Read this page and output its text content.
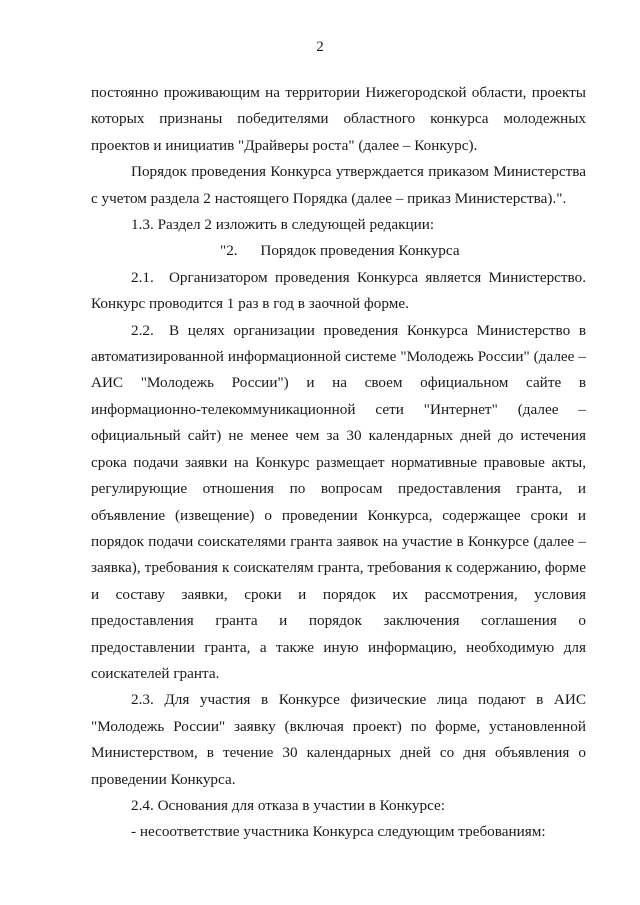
2

постоянно проживающим на территории Нижегородской области, проекты которых признаны победителями областного конкурса молодежных проектов и инициатив "Драйверы роста" (далее – Конкурс).

Порядок проведения Конкурса утверждается приказом Министерства с учетом раздела 2 настоящего Порядка (далее – приказ Министерства).".

1.3. Раздел 2 изложить в следующей редакции:

"2.  Порядок проведения Конкурса

2.1. Организатором проведения Конкурса является Министерство. Конкурс проводится 1 раз в год в заочной форме.

2.2. В целях организации проведения Конкурса Министерство в автоматизированной информационной системе "Молодежь России" (далее – АИС "Молодежь России") и на своем официальном сайте в информационно-телекоммуникационной сети "Интернет" (далее – официальный сайт) не менее чем за 30 календарных дней до истечения срока подачи заявки на Конкурс размещает нормативные правовые акты, регулирующие отношения по вопросам предоставления гранта, и объявление (извещение) о проведении Конкурса, содержащее сроки и порядок подачи соискателями гранта заявок на участие в Конкурсе (далее – заявка), требования к соискателям гранта, требования к содержанию, форме и составу заявки, сроки и порядок их рассмотрения, условия предоставления гранта и порядок заключения соглашения о предоставлении гранта, а также иную информацию, необходимую для соискателей гранта.

2.3. Для участия в Конкурсе физические лица подают в АИС "Молодежь России" заявку (включая проект) по форме, установленной Министерством, в течение 30 календарных дней со дня объявления о проведении Конкурса.

2.4. Основания для отказа в участии в Конкурсе:

- несоответствие участника Конкурса следующим требованиям:
